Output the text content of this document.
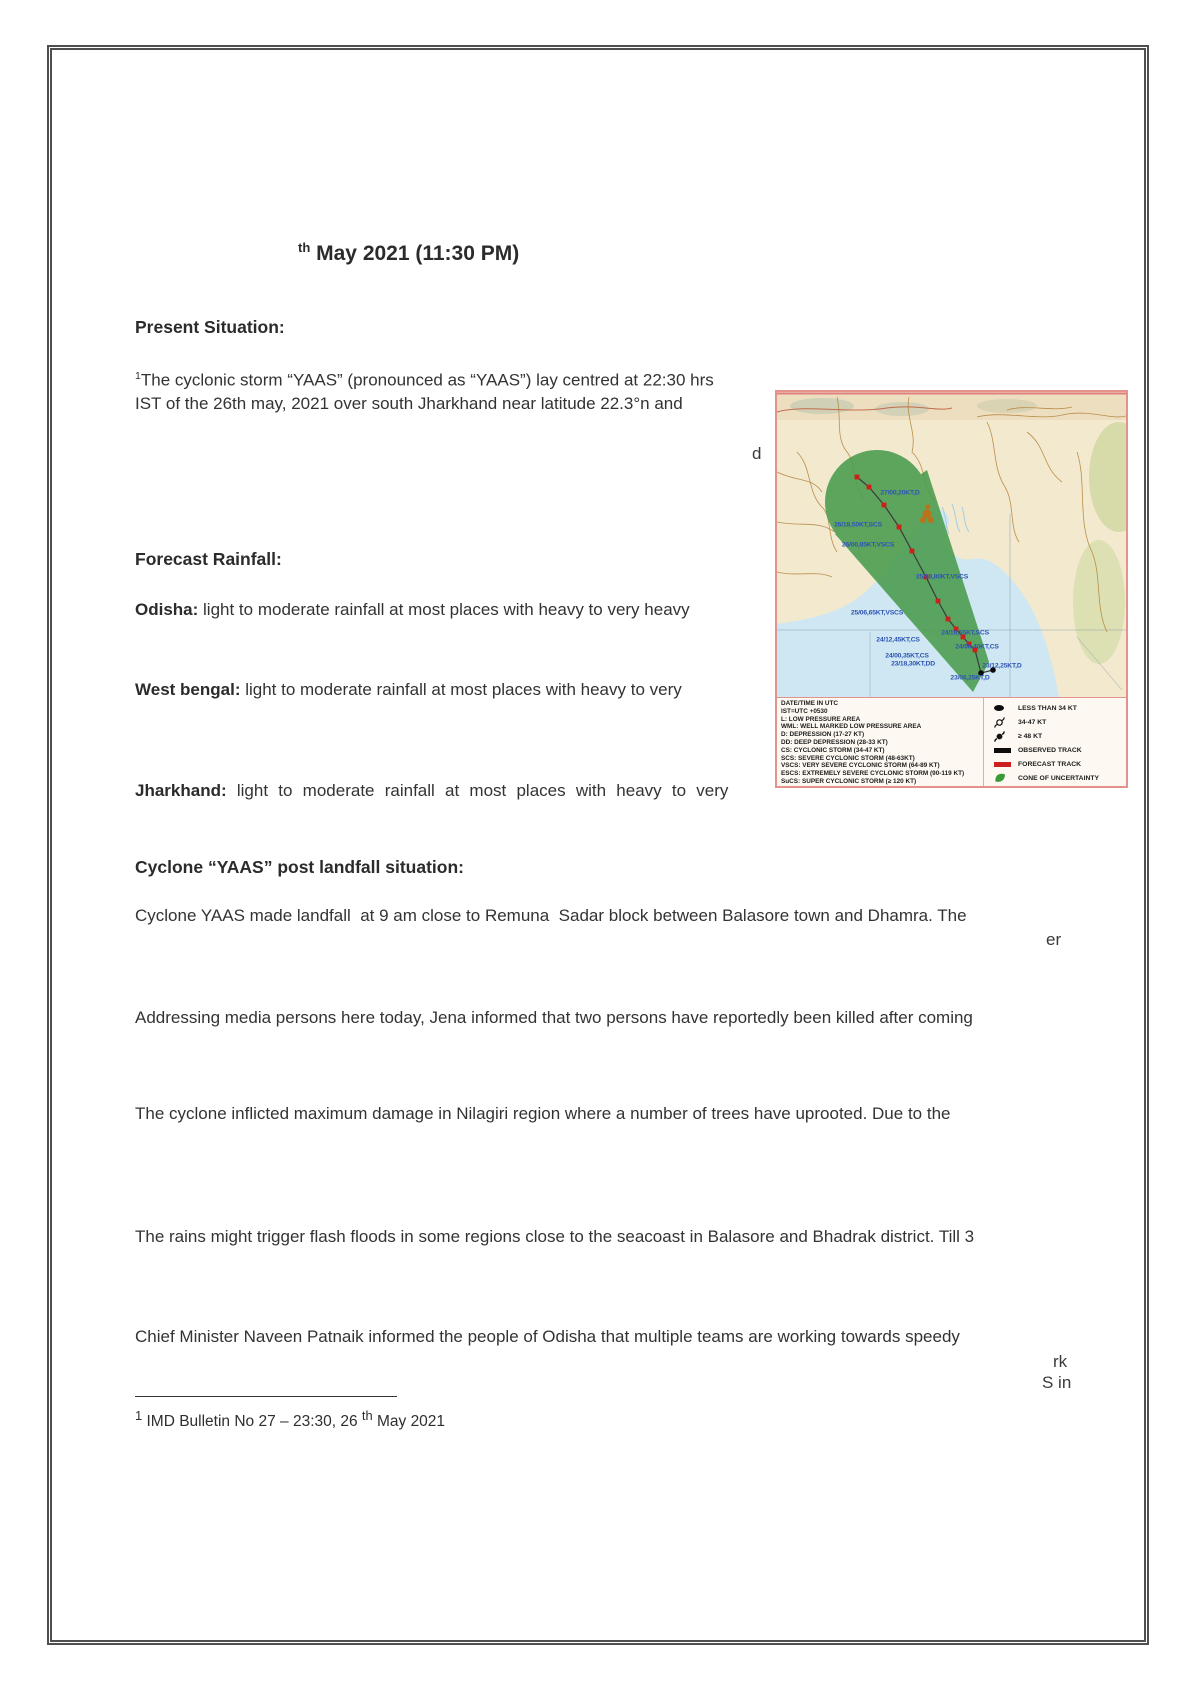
$^{th}$ May 2021 (11:30 PM)
Present Situation:
$^1$The cyclonic storm “YAAS” (pronounced as “YAAS”) lay centred at 22:30 hrs
IST of the 26th may, 2021 over south Jharkhand near latitude 22.3°n and
d
Forecast Rainfall:
Odisha: light to moderate rainfall at most places with heavy to very heavy
West bengal: light to moderate rainfall at most places with heavy to very
Jharkhand: light to moderate rainfall at most places with heavy to very
Cyclone “YAAS” post landfall situation:
Cyclone YAAS made landfall  at 9 am close to Remuna  Sadar block between Balasore town and Dhamra. The
er
Addressing media persons here today, Jena informed that two persons have reportedly been killed after coming
The cyclone inflicted maximum damage in Nilagiri region where a number of trees have uprooted. Due to the
The rains might trigger flash floods in some regions close to the seacoast in Balasore and Bhadrak district. Till 3
Chief Minister Naveen Patnaik informed the people of Odisha that multiple teams are working towards speedy
rk
S in
$^1$ IMD Bulletin No 27 – 23:30, 26 $^{th}$ May 2021
27/00,20KT,D
26/18,50KT,SCS
26/00,85KT,VSCS
25/18,80KT,VSCS
25/06,65KT,VSCS
24/18,55KT,SCS
24/12,45KT,CS
24/06,40KT,CS
24/00,35KT,CS
23/18,30KT,DD	23/12,25KT,D
23/06,25KT,D
DATE/TIME IN UTC
IST=UTC +0530
L: LOW PRESSURE AREA
WML: WELL MARKED LOW PRESSURE AREA
D: DEPRESSION (17-27 KT)
DD: DEEP DEPRESSION (28-33 KT)
CS: CYCLONIC STORM (34-47 KT)
SCS: SEVERE CYCLONIC STORM (48-63KT)
VSCS: VERY SEVERE CYCLONIC STORM (64-89 KT)
ESCS: EXTREMELY SEVERE CYCLONIC STORM (90-119 KT)
SuCS: SUPER CYCLONIC STORM (≥ 120 KT)
LESS THAN 34 KT
34-47 KT
≥ 48 KT
OBSERVED TRACK
FORECAST TRACK
CONE OF UNCERTAINTY
